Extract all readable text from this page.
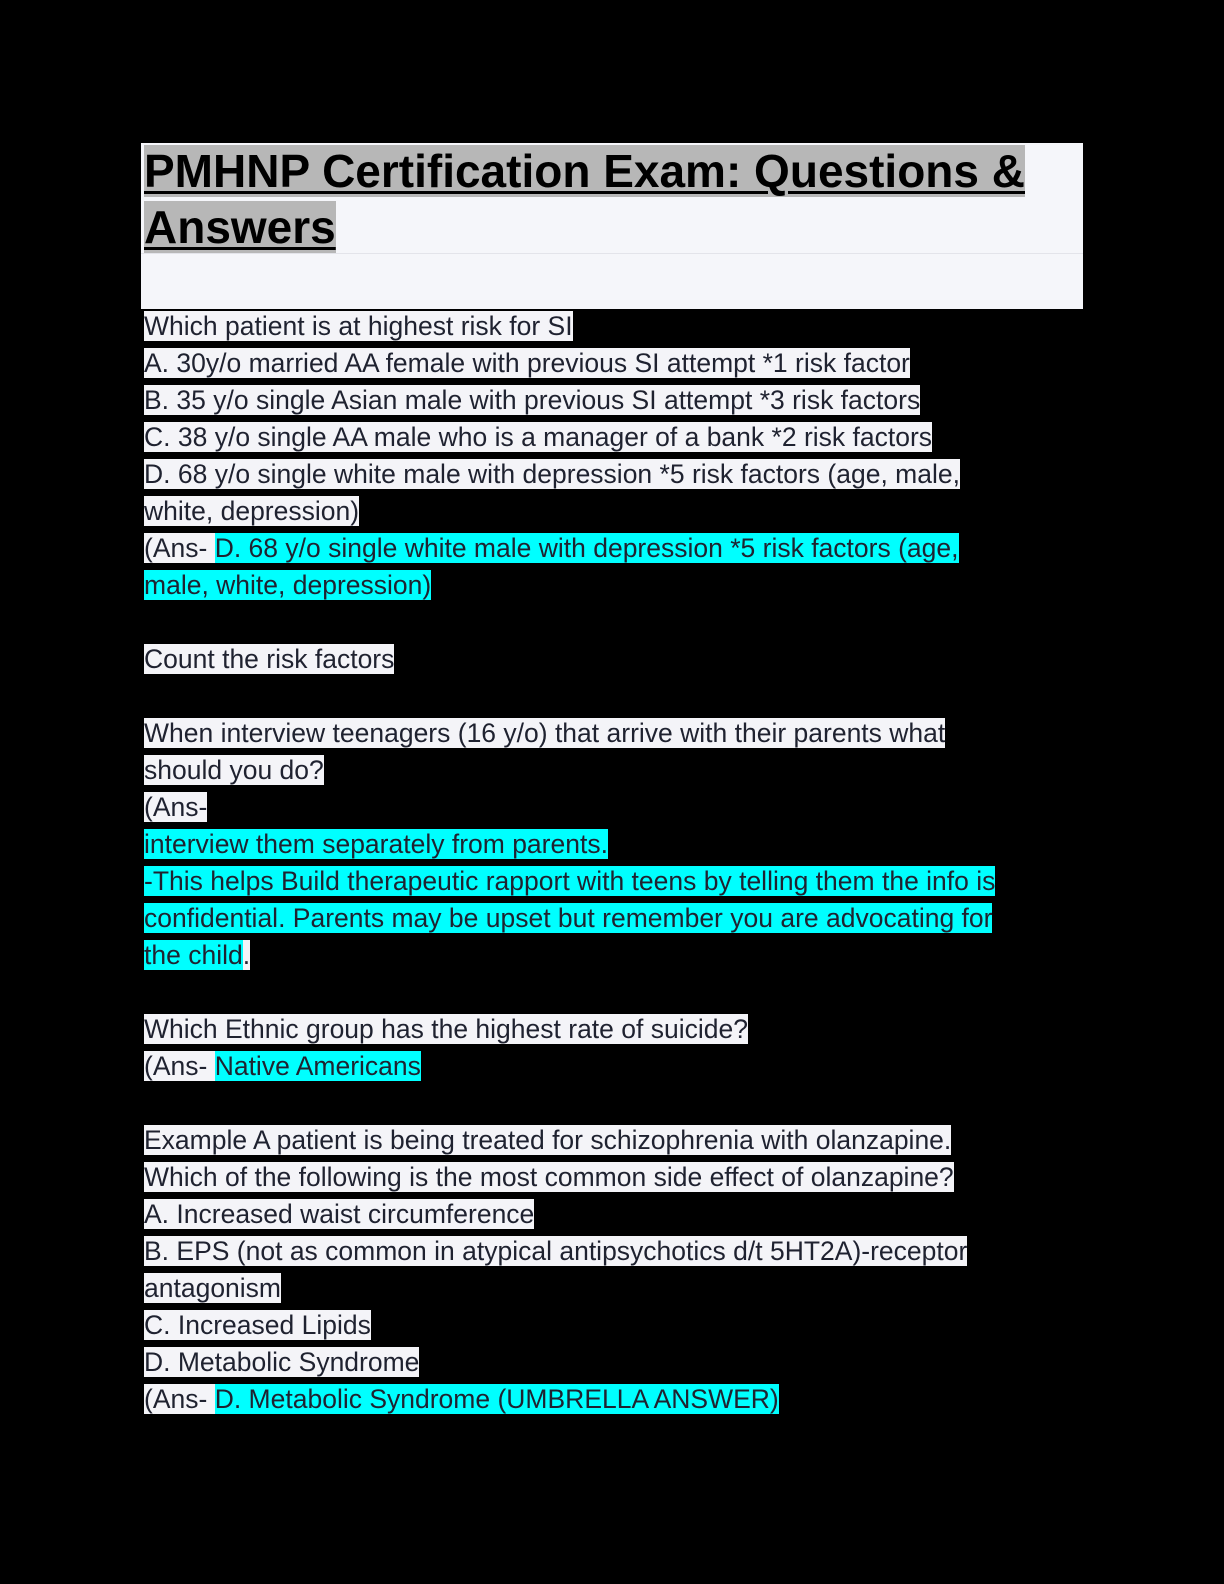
PMHNP Certification Exam: Questions &
Answers
Which patient is at highest risk for SI
A. 30y/o married AA female with previous SI attempt *1 risk factor
B. 35 y/o single Asian male with previous SI attempt *3 risk factors
C. 38 y/o single AA male who is a manager of a bank *2 risk factors
D. 68 y/o single white male with depression *5 risk factors (age, male,
white, depression)
(Ans- D. 68 y/o single white male with depression *5 risk factors (age,
male, white, depression)
Count the risk factors
When interview teenagers (16 y/o) that arrive with their parents what
should you do?
(Ans-
interview them separately from parents.
-This helps Build therapeutic rapport with teens by telling them the info is
confidential. Parents may be upset but remember you are advocating for
the child.
Which Ethnic group has the highest rate of suicide?
(Ans- Native Americans
Example A patient is being treated for schizophrenia with olanzapine.
Which of the following is the most common side effect of olanzapine?
A. Increased waist circumference
B. EPS (not as common in atypical antipsychotics d/t 5HT2A)-receptor
antagonism
C. Increased Lipids
D. Metabolic Syndrome
(Ans- D. Metabolic Syndrome (UMBRELLA ANSWER)
